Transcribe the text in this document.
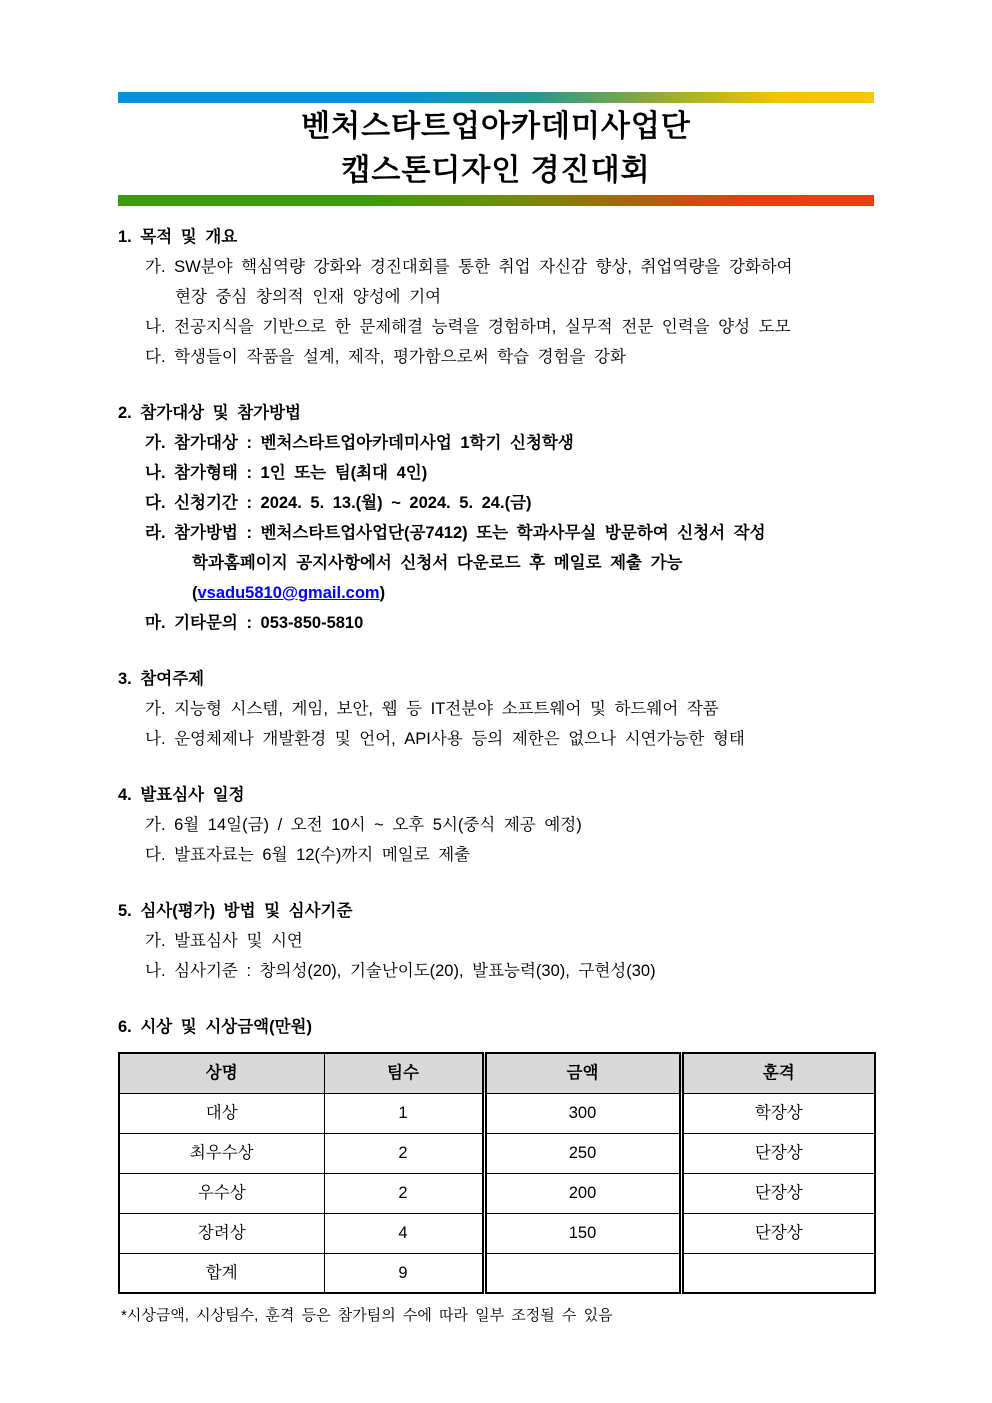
벤처스타트업아카데미사업단
캡스톤디자인 경진대회
1. 목적 및 개요
가. SW분야 핵심역량 강화와 경진대회를 통한 취업 자신감 향상, 취업역량을 강화하여
현장 중심 창의적 인재 양성에 기여
나. 전공지식을 기반으로 한 문제해결 능력을 경험하며, 실무적 전문 인력을 양성 도모
다. 학생들이 작품을 설계, 제작, 평가함으로써 학습 경험을 강화
2. 참가대상 및 참가방법
가. 참가대상 : 벤처스타트업아카데미사업 1학기 신청학생
나. 참가형태 : 1인 또는 팀(최대 4인)
다. 신청기간 : 2024. 5. 13.(월) ~ 2024. 5. 24.(금)
라. 참가방법 : 벤처스타트업사업단(공7412) 또는 학과사무실 방문하여 신청서 작성
학과홈페이지 공지사항에서 신청서 다운로드 후 메일로 제출 가능(vsadu5810@gmail.com)
마. 기타문의 : 053-850-5810
3. 참여주제
가. 지능형 시스템, 게임, 보안, 웹 등 IT전분야 소프트웨어 및 하드웨어 작품
나. 운영체제나 개발환경 및 언어, API사용 등의 제한은 없으나 시연가능한 형태
4. 발표심사 일정
가. 6월 14일(금) / 오전 10시 ~ 오후 5시(중식 제공 예정)
다. 발표자료는 6월 12(수)까지 메일로 제출
5. 심사(평가) 방법 및 심사기준
가. 발표심사 및 시연
나. 심사기준 : 창의성(20), 기술난이도(20), 발표능력(30), 구현성(30)
6. 시상 및 시상금액(만원)
상명	팀수	금액	훈격
대상	1	300	학장상
최우수상	2	250	단장상
우수상	2	200	단장상
장려상	4	150	단장상
합계	9		
*시상금액, 시상팀수, 훈격 등은 참가팀의 수에 따라 일부 조정될 수 있음
